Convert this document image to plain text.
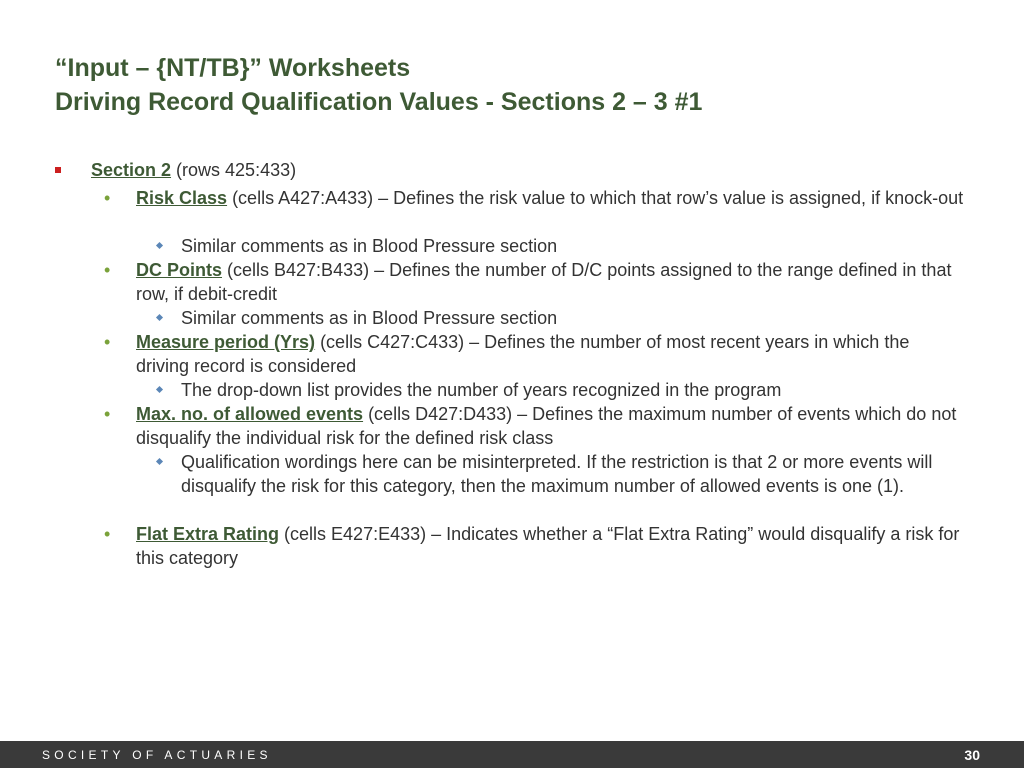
“Input – {NT/TB}” Worksheets
Driving Record Qualification Values - Sections 2 – 3 #1
Section 2 (rows 425:433)
• Risk Class (cells A427:A433) – Defines the risk value to which that row’s value is assigned, if knock-out
Similar comments as in Blood Pressure section
• DC Points (cells B427:B433) – Defines the number of D/C points assigned to the range defined in that row, if debit-credit
Similar comments as in Blood Pressure section
• Measure period (Yrs) (cells C427:C433) – Defines the number of most recent years in which the driving record is considered
The drop-down list provides the number of years recognized in the program
• Max. no. of allowed events (cells D427:D433) – Defines the maximum number of events which do not disqualify the individual risk for the defined risk class
Qualification wordings here can be misinterpreted. If the restriction is that 2 or more events will disqualify the risk for this category, then the maximum number of allowed events is one (1).
• Flat Extra Rating (cells E427:E433) – Indicates whether a “Flat Extra Rating” would disqualify a risk for this category
SOCIETY OF ACTUARIES	30
